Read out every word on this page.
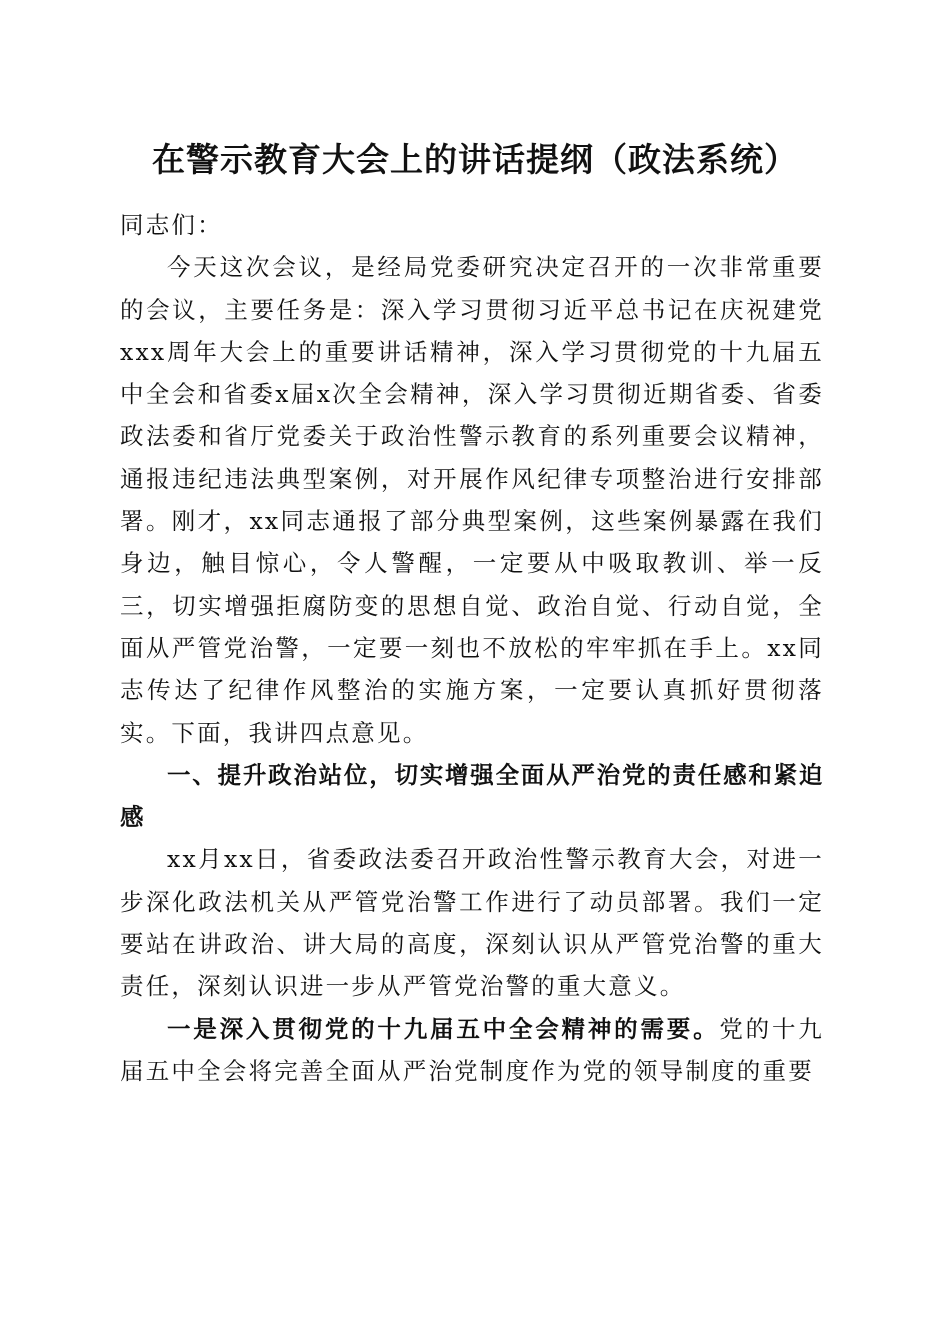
在警示教育大会上的讲话提纲（政法系统）

同志们：

今天这次会议，是经局党委研究决定召开的一次非常重要的会议，主要任务是：深入学习贯彻习近平总书记在庆祝建党xxx周年大会上的重要讲话精神，深入学习贯彻党的十九届五中全会和省委x届x次全会精神，深入学习贯彻近期省委、省委政法委和省厅党委关于政治性警示教育的系列重要会议精神，通报违纪违法典型案例，对开展作风纪律专项整治进行安排部署。刚才，xx同志通报了部分典型案例，这些案例暴露在我们身边，触目惊心，令人警醒，一定要从中吸取教训、举一反三，切实增强拒腐防变的思想自觉、政治自觉、行动自觉，全面从严管党治警，一定要一刻也不放松的牢牢抓在手上。xx同志传达了纪律作风整治的实施方案，一定要认真抓好贯彻落实。下面，我讲四点意见。

一、提升政治站位，切实增强全面从严治党的责任感和紧迫感

xx月xx日，省委政法委召开政治性警示教育大会，对进一步深化政法机关从严管党治警工作进行了动员部署。我们一定要站在讲政治、讲大局的高度，深刻认识从严管党治警的重大责任，深刻认识进一步从严管党治警的重大意义。

一是深入贯彻党的十九届五中全会精神的需要。党的十九届五中全会将完善全面从严治党制度作为党的领导制度的重要
